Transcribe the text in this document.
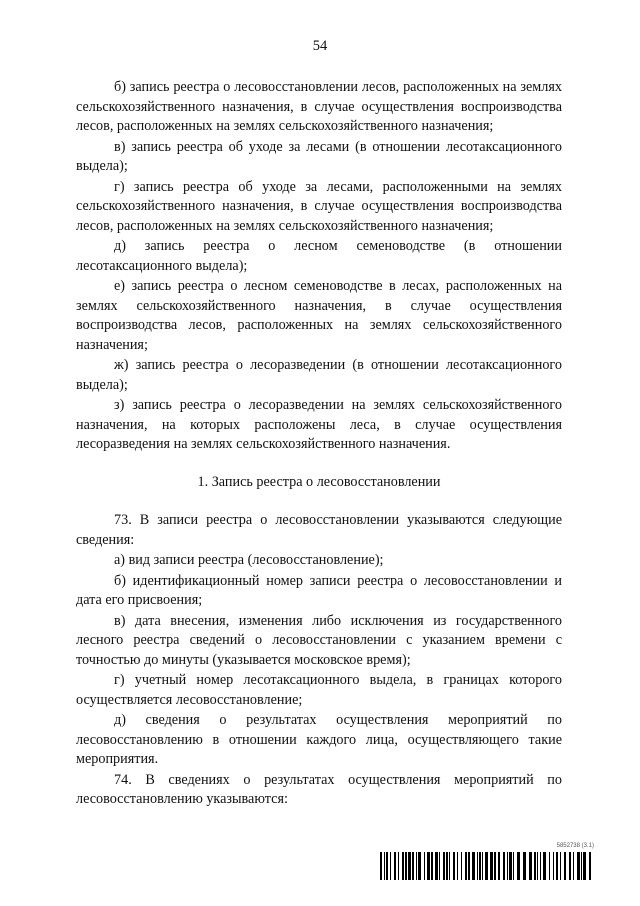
54

б) запись реестра о лесовосстановлении лесов, расположенных на землях сельскохозяйственного назначения, в случае осуществления воспроизводства лесов, расположенных на землях сельскохозяйственного назначения;

в) запись реестра об уходе за лесами (в отношении лесотаксационного выдела);

г) запись реестра об уходе за лесами, расположенными на землях сельскохозяйственного назначения, в случае осуществления воспроизводства лесов, расположенных на землях сельскохозяйственного назначения;

д) запись реестра о лесном семеноводстве (в отношении лесотаксационного выдела);

е) запись реестра о лесном семеноводстве в лесах, расположенных на землях сельскохозяйственного назначения, в случае осуществления воспроизводства лесов, расположенных на землях сельскохозяйственного назначения;

ж) запись реестра о лесоразведении (в отношении лесотаксационного выдела);

з) запись реестра о лесоразведении на землях сельскохозяйственного назначения, на которых расположены леса, в случае осуществления лесоразведения на землях сельскохозяйственного назначения.

1. Запись реестра о лесовосстановлении

73. В записи реестра о лесовосстановлении указываются следующие сведения:

а) вид записи реестра (лесовосстановление);

б) идентификационный номер записи реестра о лесовосстановлении и дата его присвоения;

в) дата внесения, изменения либо исключения из государственного лесного реестра сведений о лесовосстановлении с указанием времени с точностью до минуты (указывается московское время);

г) учетный номер лесотаксационного выдела, в границах которого осуществляется лесовосстановление;

д) сведения о результатах осуществления мероприятий по лесовосстановлению в отношении каждого лица, осуществляющего такие мероприятия.

74. В сведениях о результатах осуществления мероприятий по лесовосстановлению указываются:

5852738 (3.1)
